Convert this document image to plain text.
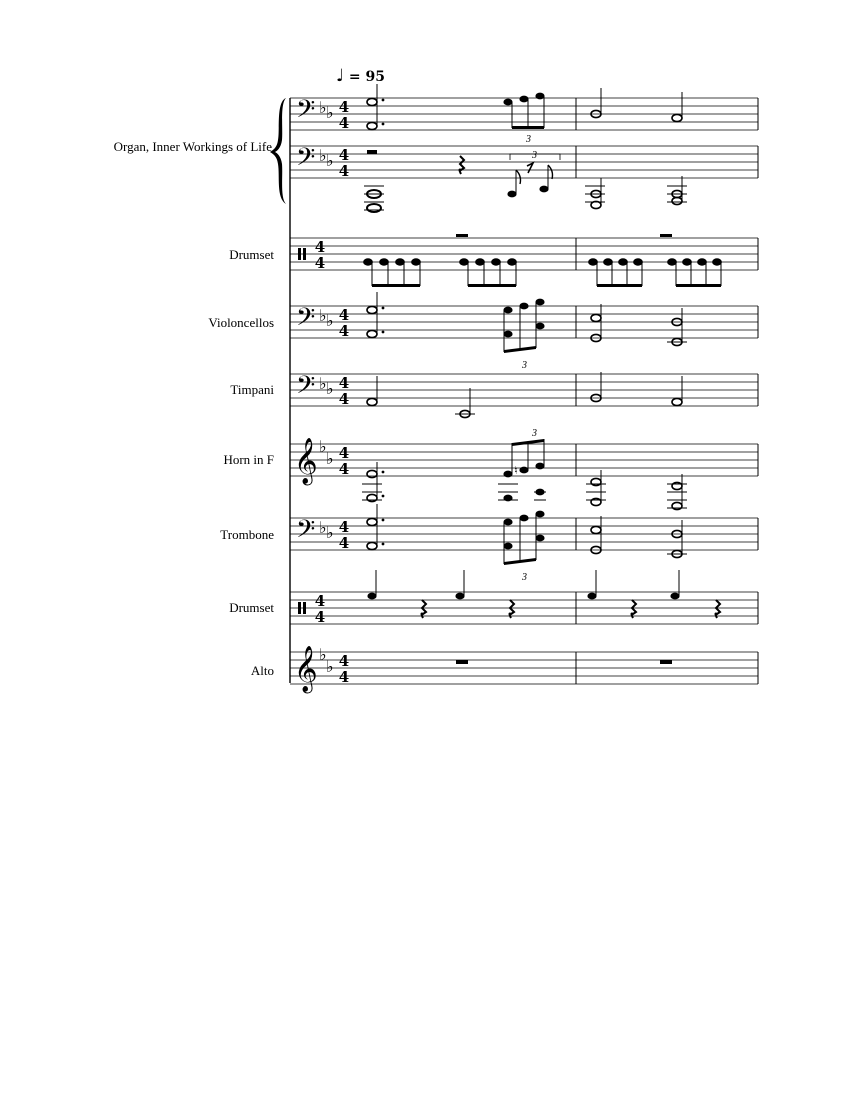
♩ = 95
Organ, Inner Workings of Life
Drumset
Violoncellos
Timpani
Horn in F
Trombone
Drumset
Alto
𝄢
𝄢
𝄢
𝄢
𝄢
𝄞
𝄞
♭ ♭
♭ ♭
♭ ♭
♭ ♭
♭ ♭
♭
♭
♭
♭
4
4
4
4
4
4
4
4
4
4
4
4
4
4
4
4
4
4
3
3
3
♮
3
3
